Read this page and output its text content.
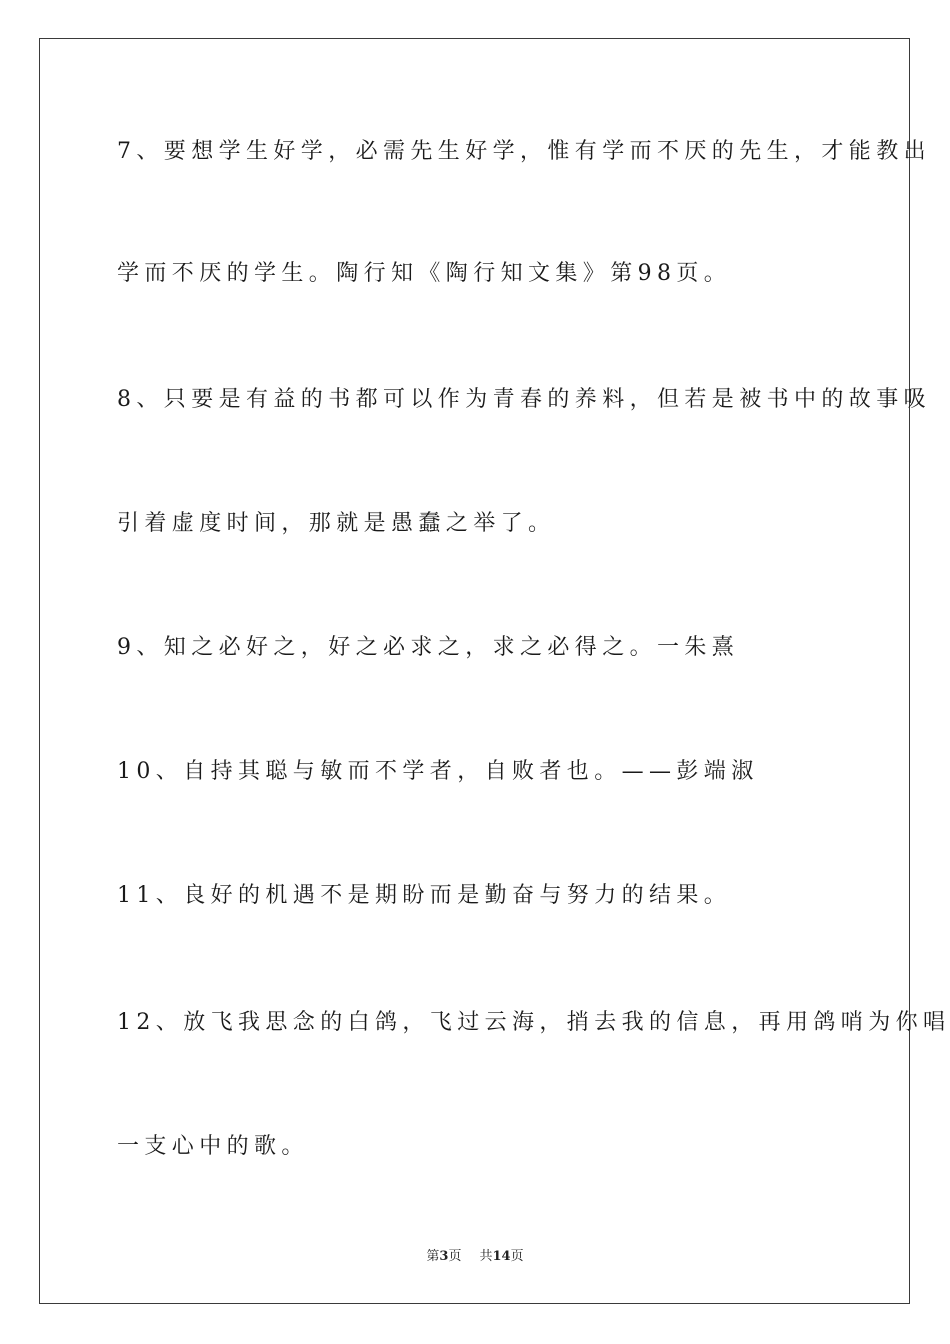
7、要想学生好学，必需先生好学，惟有学而不厌的先生，才能教出
学而不厌的学生。陶行知《陶行知文集》第98页。
8、只要是有益的书都可以作为青春的养料，但若是被书中的故事吸
引着虚度时间，那就是愚蠢之举了。
9、知之必好之，好之必求之，求之必得之。一朱熹
10、自持其聪与敏而不学者，自败者也。——彭端淑
11、良好的机遇不是期盼而是勤奋与努力的结果。
12、放飞我思念的白鸽，飞过云海，捎去我的信息，再用鸽哨为你唱
一支心中的歌。
第3页 共14页
